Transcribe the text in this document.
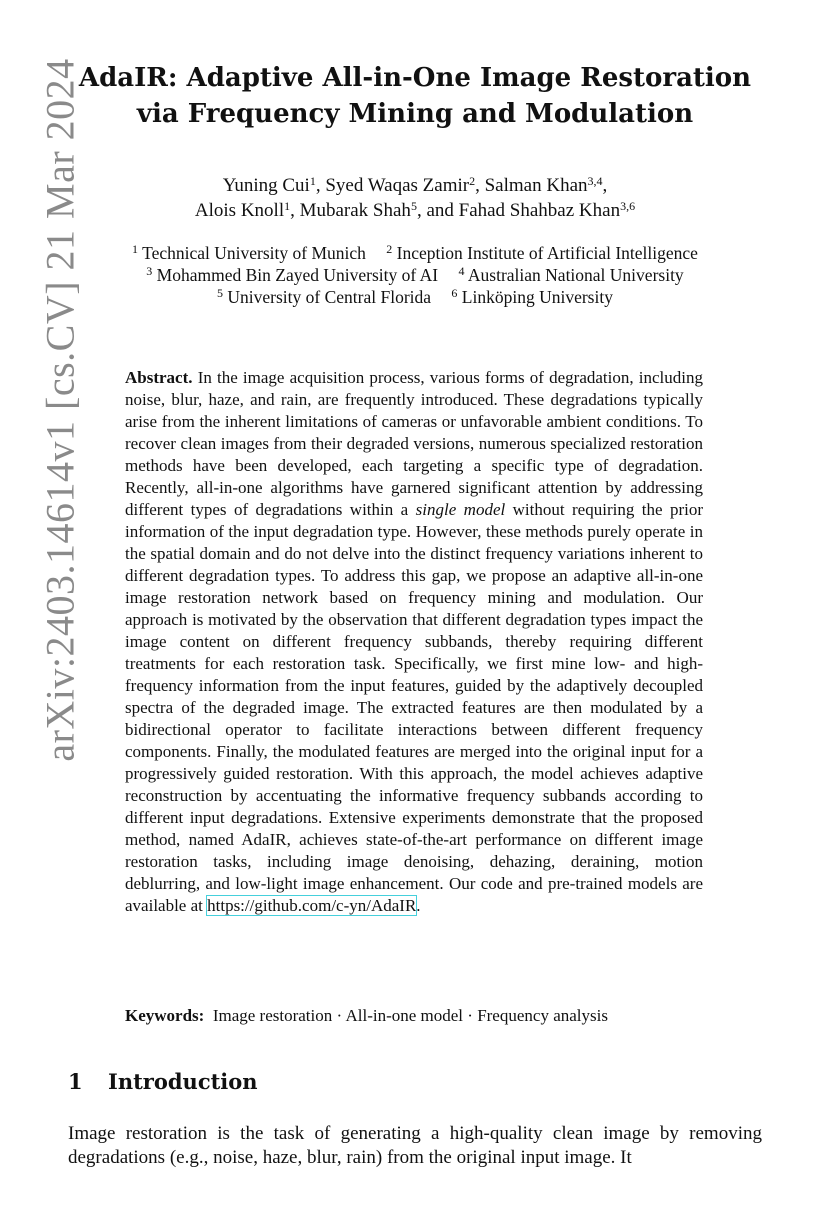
arXiv:2403.14614v1 [cs.CV] 21 Mar 2024
AdaIR: Adaptive All-in-One Image Restoration
via Frequency Mining and Modulation
Yuning Cui$^1$, Syed Waqas Zamir$^2$, Salman Khan$^{3,4}$,
Alois Knoll$^1$, Mubarak Shah$^5$, and Fahad Shahbaz Khan$^{3,6}$
$^1$ Technical University of Munich $^2$ Inception Institute of Artificial Intelligence
$^3$ Mohammed Bin Zayed University of AI $^4$ Australian National University
$^5$ University of Central Florida $^6$ Linköping University
Abstract. In the image acquisition process, various forms of degradation, including noise, blur, haze, and rain, are frequently introduced. These degradations typically arise from the inherent limitations of cameras or unfavorable ambient conditions. To recover clean images from their degraded versions, numerous specialized restoration methods have been developed, each targeting a specific type of degradation. Recently, all-in-one algorithms have garnered significant attention by addressing different types of degradations within a single model without requiring the prior information of the input degradation type. However, these methods purely operate in the spatial domain and do not delve into the distinct frequency variations inherent to different degradation types. To address this gap, we propose an adaptive all-in-one image restoration network based on frequency mining and modulation. Our approach is motivated by the observation that different degradation types impact the image content on different frequency subbands, thereby requiring different treatments for each restoration task. Specifically, we first mine low- and high-frequency information from the input features, guided by the adaptively decoupled spectra of the degraded image. The extracted features are then modulated by a bidirectional operator to facilitate interactions between different frequency components. Finally, the modulated features are merged into the original input for a progressively guided restoration. With this approach, the model achieves adaptive reconstruction by accentuating the informative frequency subbands according to different input degradations. Extensive experiments demonstrate that the proposed method, named AdaIR, achieves state-of-the-art performance on different image restoration tasks, including image denoising, dehazing, deraining, motion deblurring, and low-light image enhancement. Our code and pre-trained models are available at https://github.com/c-yn/AdaIR.
Keywords: Image restoration · All-in-one model · Frequency analysis
1 Introduction
Image restoration is the task of generating a high-quality clean image by removing degradations (e.g., noise, haze, blur, rain) from the original input image. It
